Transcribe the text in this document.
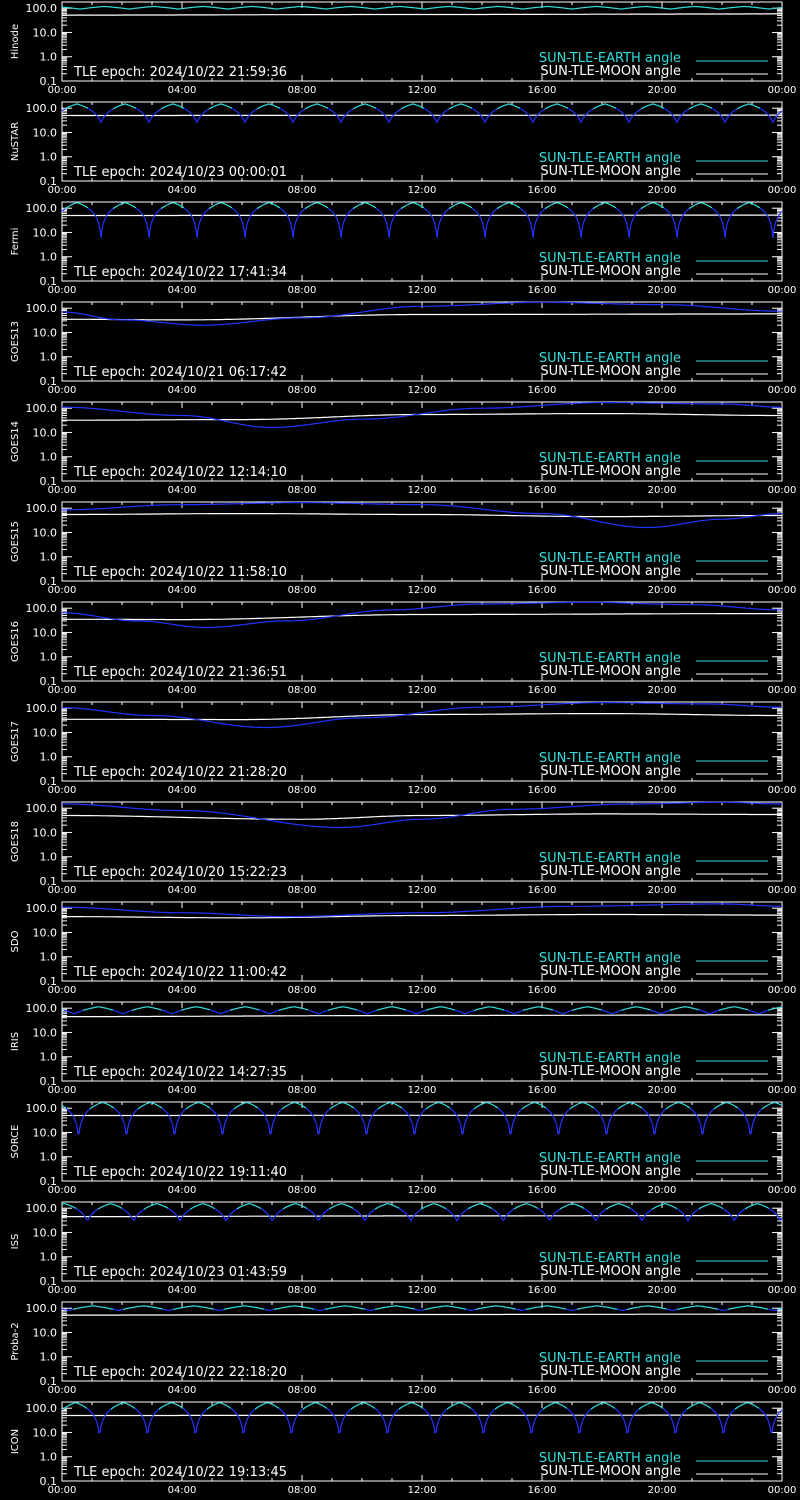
100.0
10.0
1.0
0.1
00:00	04:00	08:00	12:00	16:00	20:00	00:00
Hinode
TLE epoch: 2024/10/22 21:59:36
SUN-TLE-EARTH angle
SUN-TLE-MOON angle
100.0
10.0
1.0
0.1
00:00	04:00	08:00	12:00	16:00	20:00	00:00
NuSTAR
TLE epoch: 2024/10/23 00:00:01
SUN-TLE-EARTH angle
SUN-TLE-MOON angle
100.0
10.0
1.0
0.1
00:00	04:00	08:00	12:00	16:00	20:00	00:00
Fermi
TLE epoch: 2024/10/22 17:41:34
SUN-TLE-EARTH angle
SUN-TLE-MOON angle
100.0
10.0
1.0
0.1
00:00	04:00	08:00	12:00	16:00	20:00	00:00
GOES13
TLE epoch: 2024/10/21 06:17:42
SUN-TLE-EARTH angle
SUN-TLE-MOON angle
100.0
10.0
1.0
0.1
00:00	04:00	08:00	12:00	16:00	20:00	00:00
GOES14
TLE epoch: 2024/10/22 12:14:10
SUN-TLE-EARTH angle
SUN-TLE-MOON angle
100.0
10.0
1.0
0.1
00:00	04:00	08:00	12:00	16:00	20:00	00:00
GOES15
TLE epoch: 2024/10/22 11:58:10
SUN-TLE-EARTH angle
SUN-TLE-MOON angle
100.0
10.0
1.0
0.1
00:00	04:00	08:00	12:00	16:00	20:00	00:00
GOES16
TLE epoch: 2024/10/22 21:36:51
SUN-TLE-EARTH angle
SUN-TLE-MOON angle
100.0
10.0
1.0
0.1
00:00	04:00	08:00	12:00	16:00	20:00	00:00
GOES17
TLE epoch: 2024/10/22 21:28:20
SUN-TLE-EARTH angle
SUN-TLE-MOON angle
100.0
10.0
1.0
0.1
00:00	04:00	08:00	12:00	16:00	20:00	00:00
GOES18
TLE epoch: 2024/10/20 15:22:23
SUN-TLE-EARTH angle
SUN-TLE-MOON angle
100.0
10.0
1.0
0.1
00:00	04:00	08:00	12:00	16:00	20:00	00:00
SDO
TLE epoch: 2024/10/22 11:00:42
SUN-TLE-EARTH angle
SUN-TLE-MOON angle
100.0
10.0
1.0
0.1
00:00	04:00	08:00	12:00	16:00	20:00	00:00
IRIS
TLE epoch: 2024/10/22 14:27:35
SUN-TLE-EARTH angle
SUN-TLE-MOON angle
100.0
10.0
1.0
0.1
00:00	04:00	08:00	12:00	16:00	20:00	00:00
SORCE
TLE epoch: 2024/10/22 19:11:40
SUN-TLE-EARTH angle
SUN-TLE-MOON angle
100.0
10.0
1.0
0.1
00:00	04:00	08:00	12:00	16:00	20:00	00:00
ISS
TLE epoch: 2024/10/23 01:43:59
SUN-TLE-EARTH angle
SUN-TLE-MOON angle
100.0
10.0
1.0
0.1
00:00	04:00	08:00	12:00	16:00	20:00	00:00
Proba-2
TLE epoch: 2024/10/22 22:18:20
SUN-TLE-EARTH angle
SUN-TLE-MOON angle
100.0
10.0
1.0
0.1
00:00	04:00	08:00	12:00	16:00	20:00	00:00
ICON
TLE epoch: 2024/10/22 19:13:45
SUN-TLE-EARTH angle
SUN-TLE-MOON angle
